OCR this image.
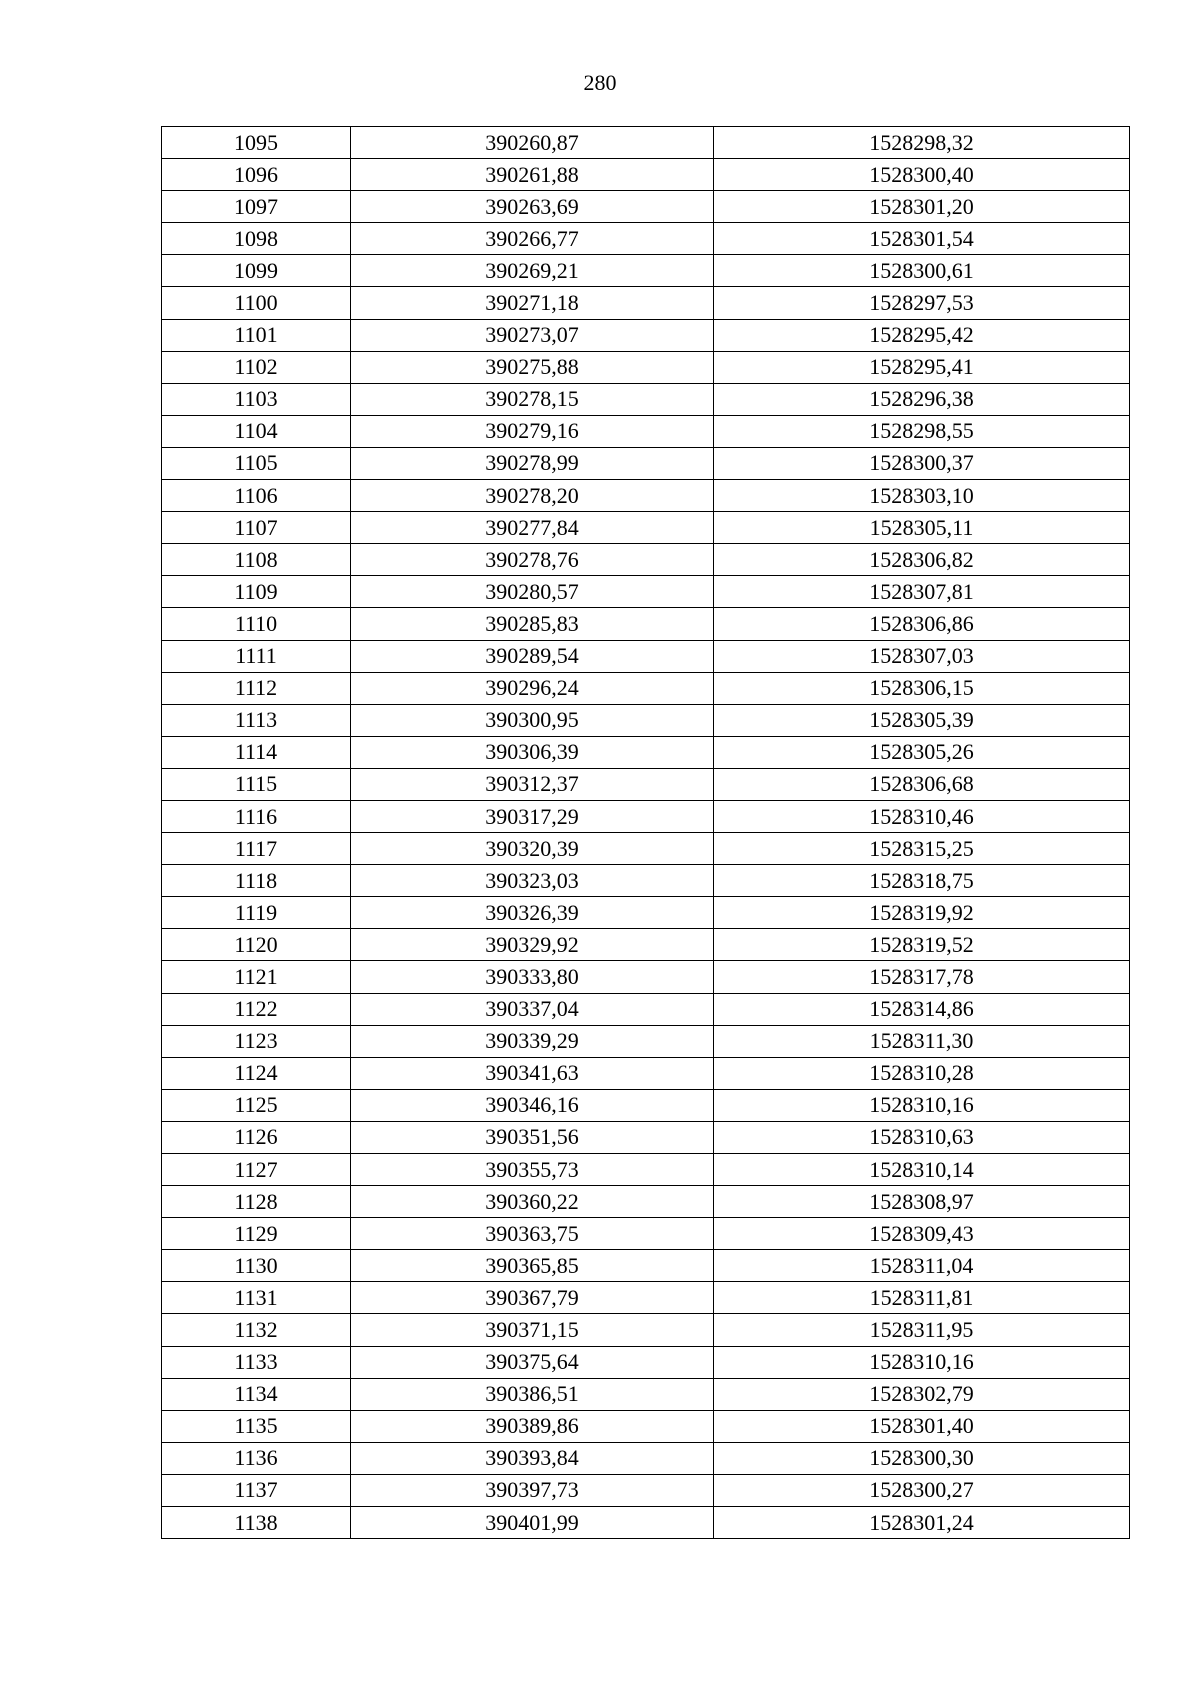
280
1095	390260,87	1528298,32
1096	390261,88	1528300,40
1097	390263,69	1528301,20
1098	390266,77	1528301,54
1099	390269,21	1528300,61
1100	390271,18	1528297,53
1101	390273,07	1528295,42
1102	390275,88	1528295,41
1103	390278,15	1528296,38
1104	390279,16	1528298,55
1105	390278,99	1528300,37
1106	390278,20	1528303,10
1107	390277,84	1528305,11
1108	390278,76	1528306,82
1109	390280,57	1528307,81
1110	390285,83	1528306,86
1111	390289,54	1528307,03
1112	390296,24	1528306,15
1113	390300,95	1528305,39
1114	390306,39	1528305,26
1115	390312,37	1528306,68
1116	390317,29	1528310,46
1117	390320,39	1528315,25
1118	390323,03	1528318,75
1119	390326,39	1528319,92
1120	390329,92	1528319,52
1121	390333,80	1528317,78
1122	390337,04	1528314,86
1123	390339,29	1528311,30
1124	390341,63	1528310,28
1125	390346,16	1528310,16
1126	390351,56	1528310,63
1127	390355,73	1528310,14
1128	390360,22	1528308,97
1129	390363,75	1528309,43
1130	390365,85	1528311,04
1131	390367,79	1528311,81
1132	390371,15	1528311,95
1133	390375,64	1528310,16
1134	390386,51	1528302,79
1135	390389,86	1528301,40
1136	390393,84	1528300,30
1137	390397,73	1528300,27
1138	390401,99	1528301,24
